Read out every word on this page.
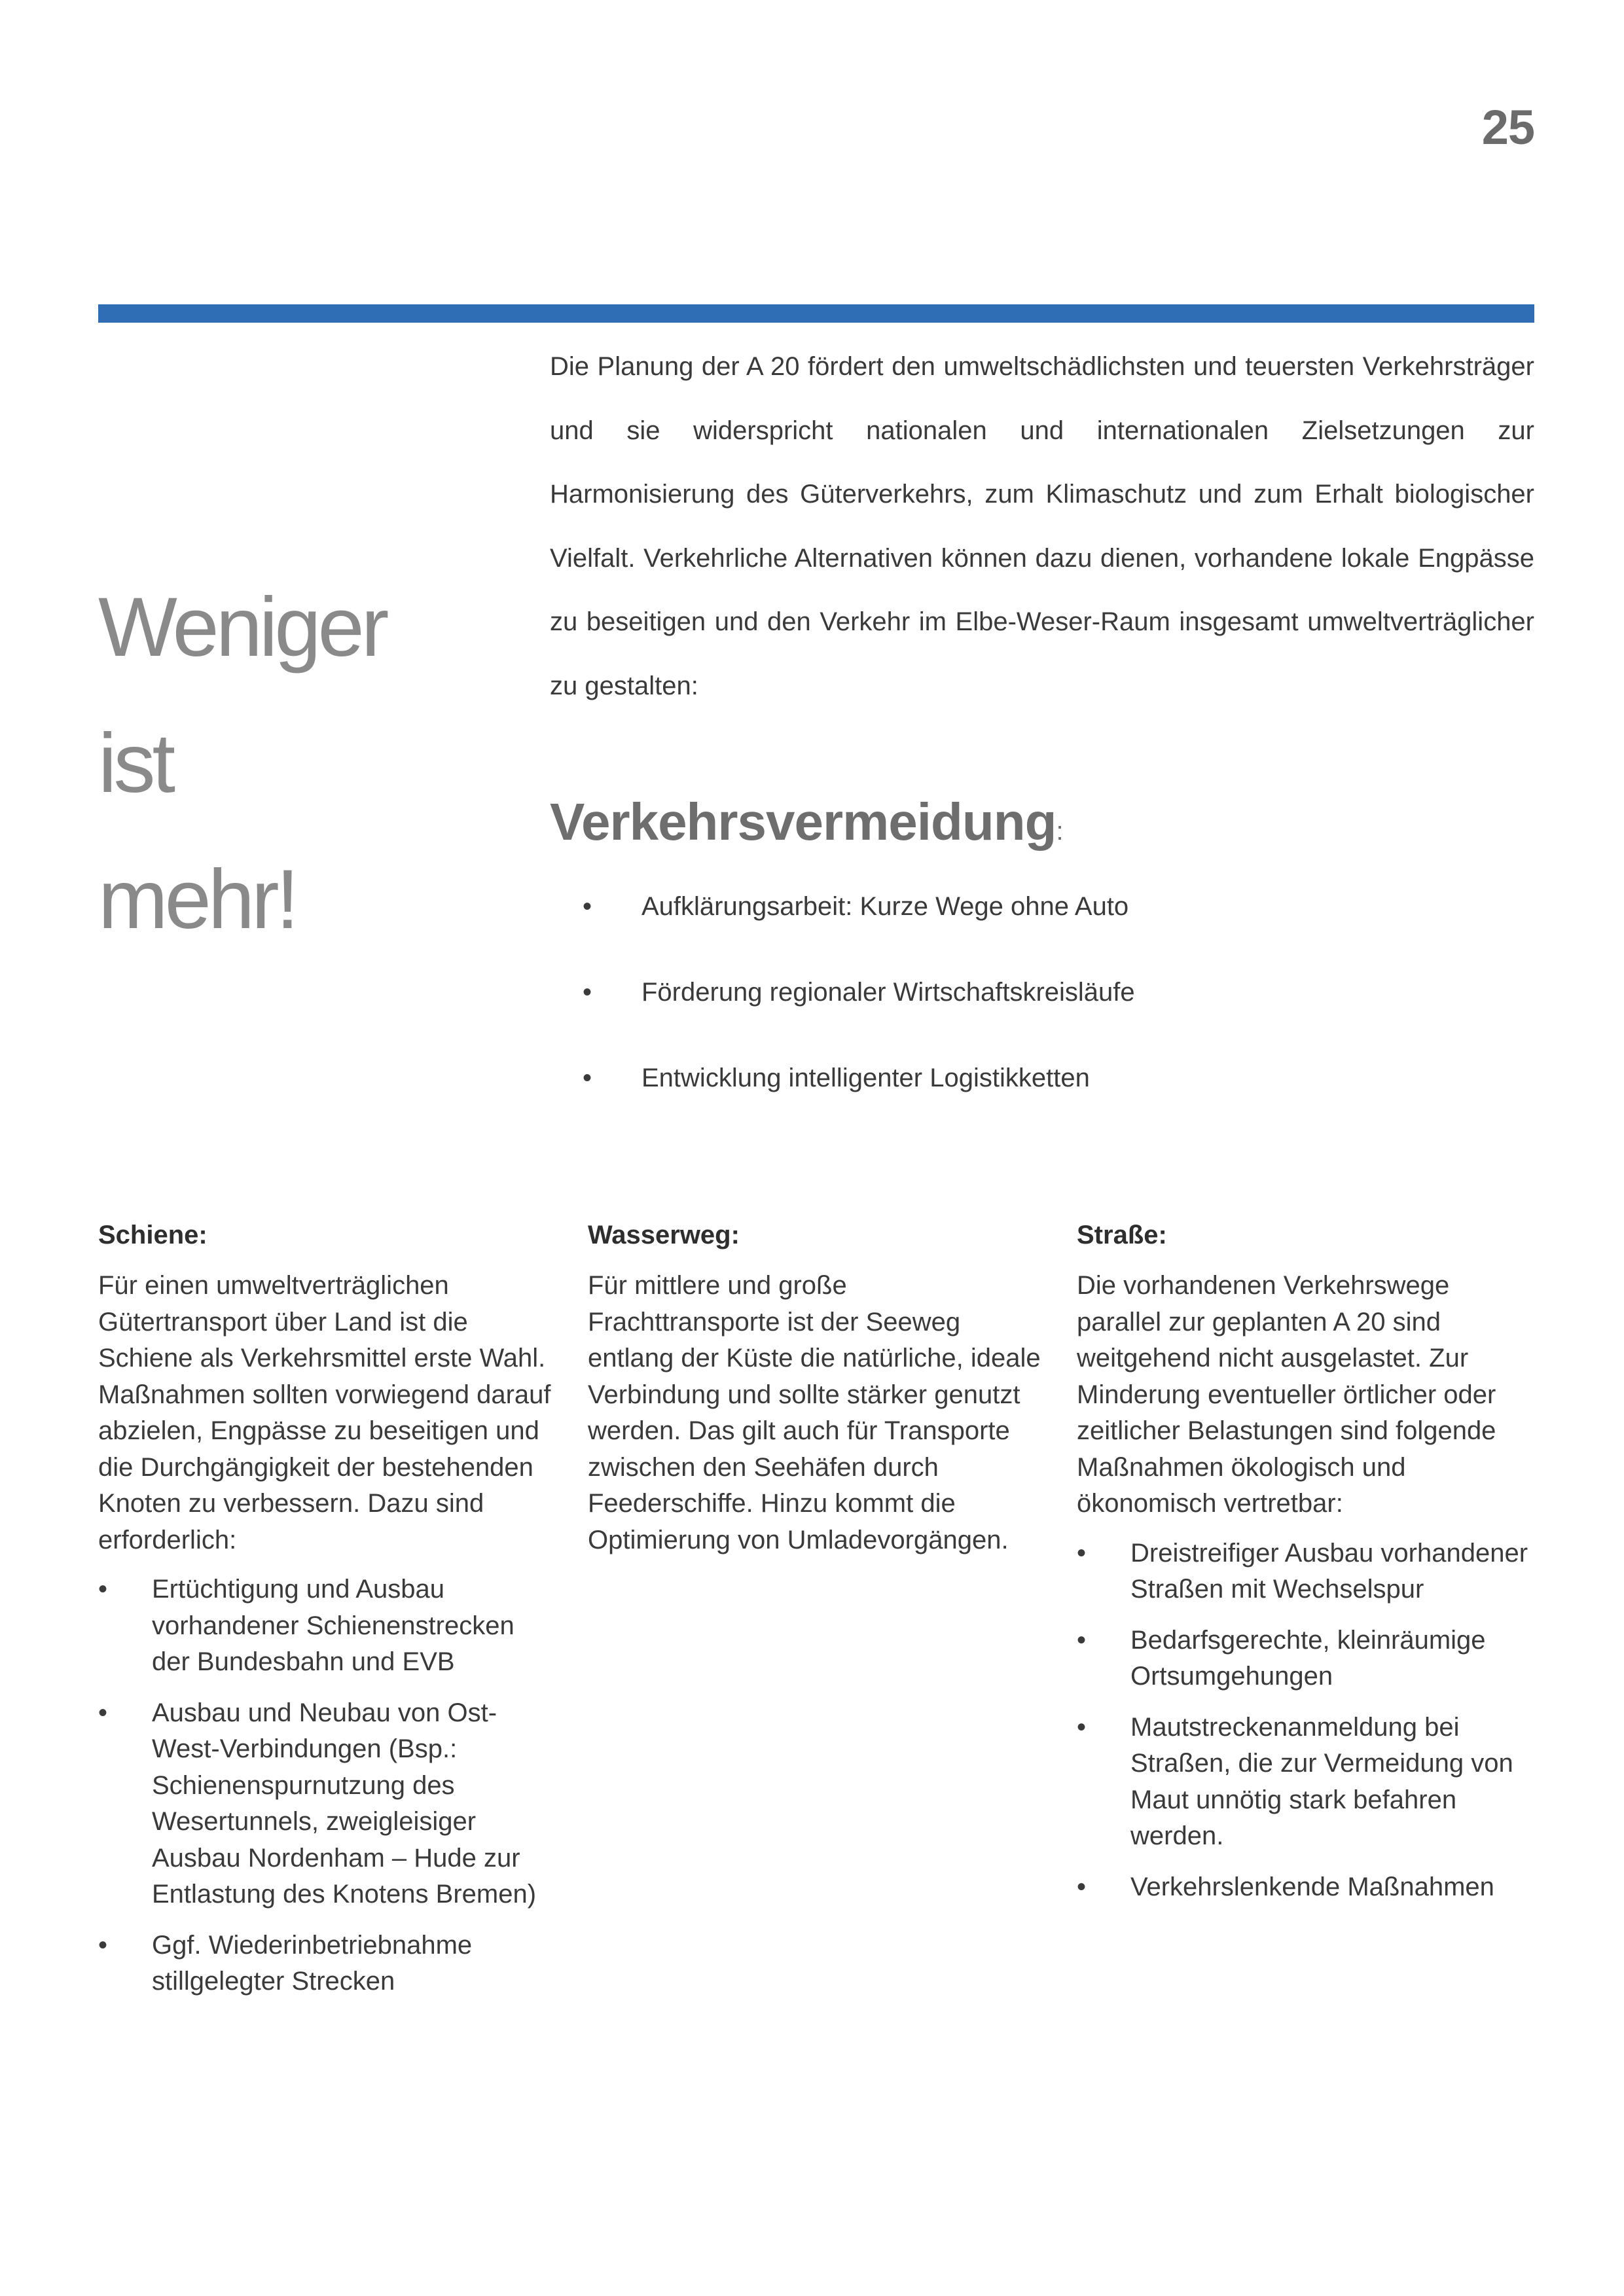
25
Weniger
ist
mehr!
Die Planung der A 20 fördert den umweltschädlichsten und teuersten Verkehrsträger und sie widerspricht nationalen und internationalen Zielsetzungen zur Harmonisierung des Güterverkehrs, zum Klimaschutz und zum Erhalt biologischer Vielfalt. Verkehrliche Alternativen können dazu dienen, vorhandene lokale Engpässe zu beseitigen und den Verkehr im Elbe-Weser-Raum insgesamt umweltverträglicher zu gestalten:
Verkehrsvermeidung:
• Aufklärungsarbeit: Kurze Wege ohne Auto
• Förderung regionaler Wirtschaftskreisläufe
• Entwicklung intelligenter Logistikketten
Schiene:

Für einen umweltverträglichen Gütertransport über Land ist die Schiene als Verkehrsmittel erste Wahl. Maßnahmen sollten vorwiegend darauf abzielen, Engpässe zu beseitigen und die Durchgängigkeit der bestehenden Knoten zu verbessern. Dazu sind erforderlich:

• Ertüchtigung und Ausbau vorhandener Schienenstrecken der Bundesbahn und EVB
• Ausbau und Neubau von Ost-West-Verbindungen (Bsp.: Schienenspurnutzung des Wesertunnels, zweigleisiger Ausbau Nordenham – Hude zur Entlastung des Knotens Bremen)
• Ggf. Wiederinbetriebnahme stillgelegter Strecken
Wasserweg:

Für mittlere und große Frachttransporte ist der Seeweg entlang der Küste die natürliche, ideale Verbindung und sollte stärker genutzt werden. Das gilt auch für Transporte zwischen den Seehäfen durch Feederschiffe. Hinzu kommt die Optimierung von Umladevorgängen.

Straße:

Die vorhandenen Verkehrswege parallel zur geplanten A 20 sind weitgehend nicht ausgelastet. Zur Minderung eventueller örtlicher oder zeitlicher Belastungen sind folgende Maßnahmen ökologisch und ökonomisch vertretbar:

• Dreistreifiger Ausbau vorhandener Straßen mit Wechselspur
• Bedarfsgerechte, kleinräumige Ortsumgehungen
• Mautstreckenanmeldung bei Straßen, die zur Vermeidung von Maut unnötig stark befahren werden.
• Verkehrslenkende Maßnahmen
